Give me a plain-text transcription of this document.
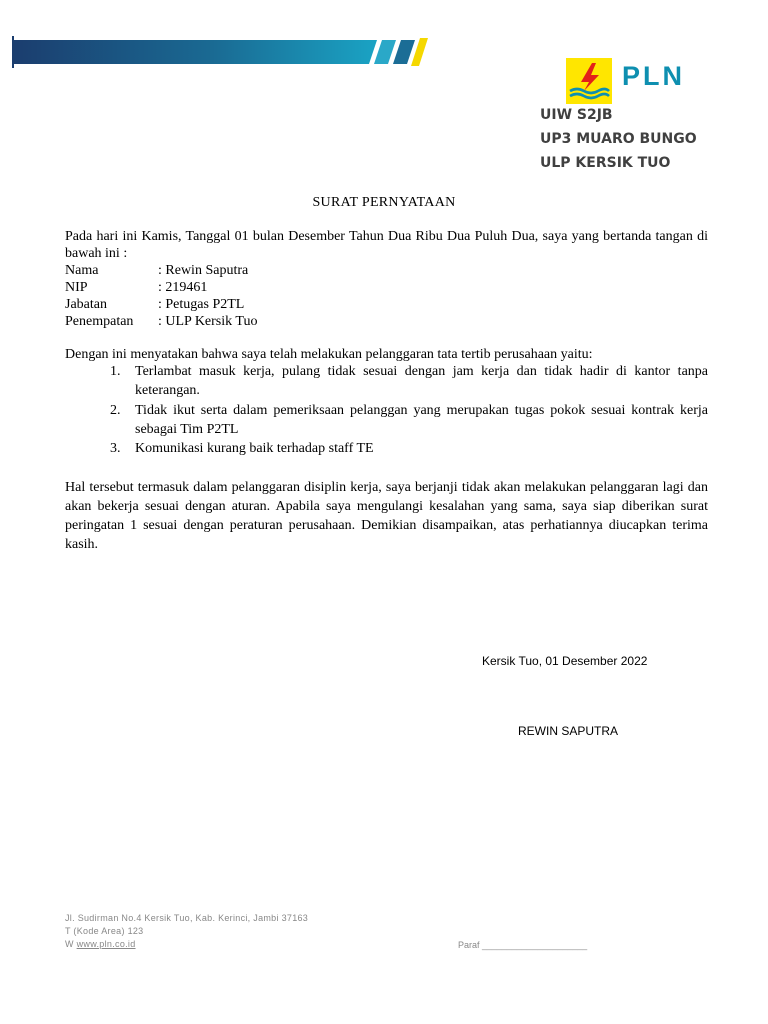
PLN
UIW S2JB
UP3 MUARO BUNGO
ULP KERSIK TUO
SURAT PERNYATAAN
Pada hari ini Kamis, Tanggal 01 bulan Desember Tahun Dua Ribu Dua Puluh Dua, saya yang bertanda tangan di bawah ini :
Nama	: Rewin Saputra
NIP	: 219461
Jabatan	: Petugas P2TL
Penempatan : ULP Kersik Tuo
Dengan ini menyatakan bahwa saya telah melakukan pelanggaran tata tertib perusahaan yaitu:
1. Terlambat masuk kerja, pulang tidak sesuai dengan jam kerja dan tidak hadir di kantor tanpa keterangan.
2. Tidak ikut serta dalam pemeriksaan pelanggan yang merupakan tugas pokok sesuai kontrak kerja sebagai Tim P2TL
3. Komunikasi kurang baik terhadap staff TE
Hal tersebut termasuk dalam pelanggaran disiplin kerja, saya berjanji tidak akan melakukan pelanggaran lagi dan akan bekerja sesuai dengan aturan. Apabila saya mengulangi kesalahan yang sama, saya siap diberikan surat peringatan 1 sesuai dengan peraturan perusahaan. Demikian disampaikan, atas perhatiannya diucapkan terima kasih.
Kersik Tuo, 01 Desember 2022
REWIN SAPUTRA
Jl. Sudirman No.4 Kersik Tuo, Kab. Kerinci, Jambi 37163
T (Kode Area) 123
W www.pln.co.id	Paraf _____________________
